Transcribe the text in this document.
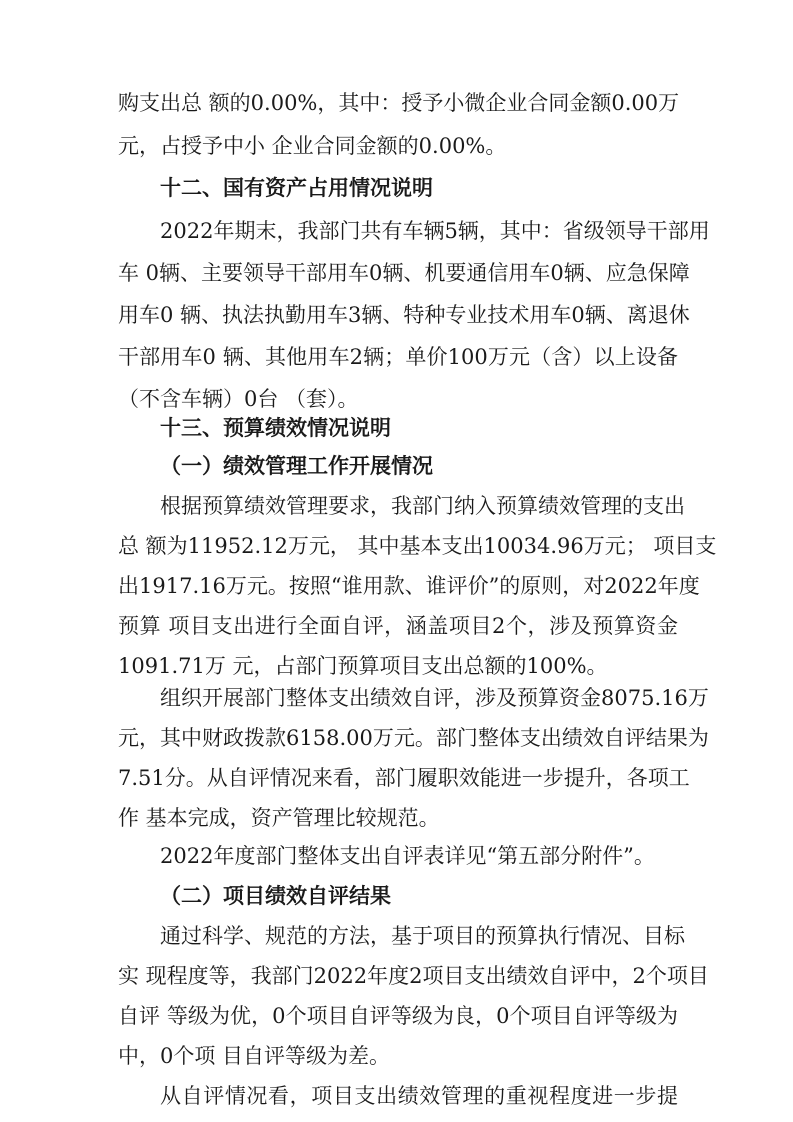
购支出总 额的0.00%，其中：授予小微企业合同金额0.00万
元，占授予中小 企业合同金额的0.00%。
十二、国有资产占用情况说明
2022年期末，我部门共有车辆5辆，其中：省级领导干部用
车 0辆、主要领导干部用车0辆、机要通信用车0辆、应急保障
用车0 辆、执法执勤用车3辆、特种专业技术用车0辆、离退休
干部用车0 辆、其他用车2辆；单价100万元（含）以上设备
（不含车辆）0台 （套）。
十三、预算绩效情况说明
（一）绩效管理工作开展情况
根据预算绩效管理要求，我部门纳入预算绩效管理的支出
总 额为11952.12万元， 其中基本支出10034.96万元； 项目支
出1917.16万元。按照“谁用款、谁评价”的原则，对2022年度
预算 项目支出进行全面自评，涵盖项目2个，涉及预算资金
1091.71万 元，占部门预算项目支出总额的100%。
组织开展部门整体支出绩效自评，涉及预算资金8075.16万
元，其中财政拨款6158.00万元。部门整体支出绩效自评结果为
7.51分。从自评情况来看，部门履职效能进一步提升，各项工
作 基本完成，资产管理比较规范。
2022年度部门整体支出自评表详见“第五部分附件”。
（二）项目绩效自评结果
通过科学、规范的方法，基于项目的预算执行情况、目标
实 现程度等，我部门2022年度2项目支出绩效自评中，2个项目
自评 等级为优，0个项目自评等级为良，0个项目自评等级为
中，0个项 目自评等级为差。
从自评情况看，项目支出绩效管理的重视程度进一步提
